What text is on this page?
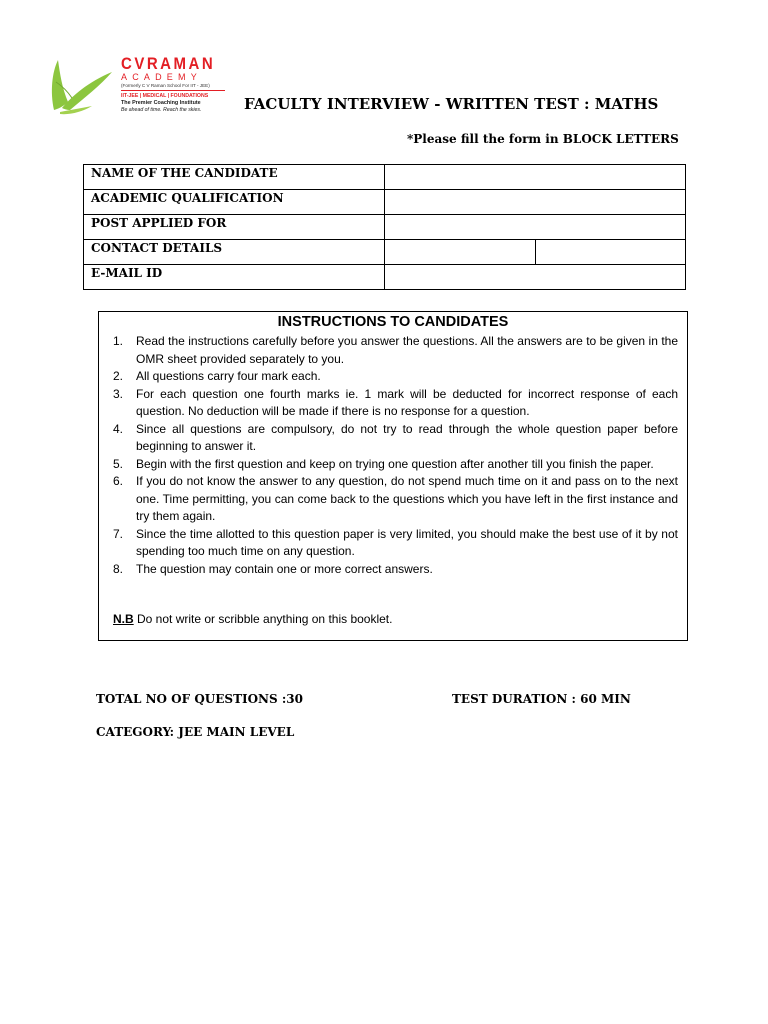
CVRAMAN
ACADEMY
(Formerly C V Raman School For IIT - JEE)
IIT-JEE | MEDICAL | FOUNDATIONS
The Premier Coaching Institute
Be ahead of time. Reach the skies.	FACULTY INTERVIEW - WRITTEN TEST : MATHS
*Please fill the form in BLOCK LETTERS
NAME OF THE CANDIDATE		
ACADEMIC QUALIFICATION		
POST APPLIED FOR		
CONTACT DETAILS		
E-MAIL ID		
INSTRUCTIONS TO CANDIDATES
1. Read the instructions carefully before you answer the questions. All the answers are to be given in the OMR sheet provided separately to you.
2. All questions carry four mark each.
3. For each question one fourth marks ie. 1 mark will be deducted for incorrect response of each question. No deduction will be made if there is no response for a question.
4. Since all questions are compulsory, do not try to read through the whole question paper before beginning to answer it.
5. Begin with the first question and keep on trying one question after another till you finish the paper.
6. If you do not know the answer to any question, do not spend much time on it and pass on to the next one. Time permitting, you can come back to the questions which you have left in the first instance and try them again.
7. Since the time allotted to this question paper is very limited, you should make the best use of it by not spending too much time on any question.
8. The question may contain one or more correct answers.
N.B Do not write or scribble anything on this booklet.
TOTAL NO OF QUESTIONS :30	TEST DURATION : 60 MIN
CATEGORY: JEE MAIN LEVEL
